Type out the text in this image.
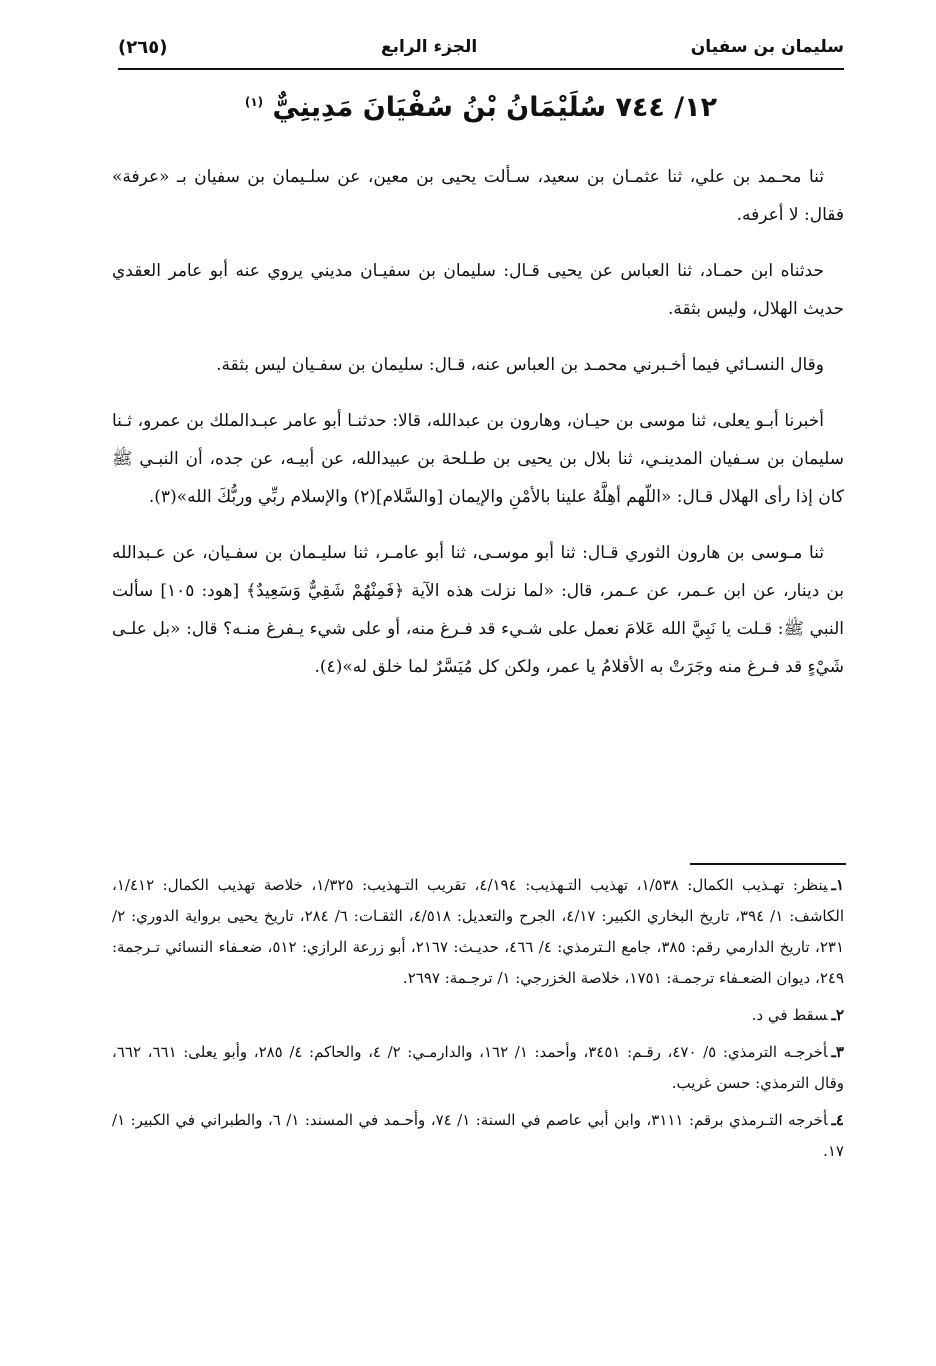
سليمان بن سفيان
الجزء الرابع
(٢٦٥)
١٢/ ٧٤٤ سُلَيْمَانُ بْنُ سُفْيَانَ مَدِينِيٌّ $^{(١)}$

ثنا محـمد بن علي، ثنا عثمـان بن سعيد، سـألت يحيى بن معين، عن سلـيمان بن سفيان بـ «عرفة» فقال: لا أعرفه.

حدثناه ابن حمـاد، ثنا العباس عن يحيى قـال: سليمان بن سفيـان مديني يروي عنه أبو عامر العقدي حديث الهلال، وليس بثقة.

وقال النسـائي فيما أخـبرني محمـد بن العباس عنه، قـال: سليمان بن سفـيان ليس بثقة.

أخبرنا أبـو يعلى، ثنا موسى بن حيـان، وهارون بن عبدالله، قالا: حدثنـا أبو عامر عبـدالملك بن عمرو، ثـنا سليمان بن سـفيان المدينـي، ثنا بلال بن يحيى بن طـلحة بن عبيدالله، عن أبيـه، عن جده، أن النبـي ﷺ كان إذا رأى الهلال قـال: «اللّهم أهِلَّهُ علينا بالأمْنِ والإيمان [والسَّلام](٢) والإسلام ربِّي وربُّكَ الله»(٣).

ثنا مـوسى بن هارون الثوري قـال: ثنا أبو موسـى، ثنا أبو عامـر، ثنا سليـمان بن سفـيان، عن عـبدالله بن دينار، عن ابن عـمر، عن عـمر، قال: «لما نزلت هذه الآية ﴿فَمِنْهُمْ شَقِيٌّ وَسَعِيدٌ﴾ [هود: ١٠٥] سألت النبي ﷺ: قـلت يا نَبِيَّ الله عَلامَ نعمل على شـيء قد فـرغ منه، أو على شيء يـفرغ منـه؟ قال: «بل علـى شَيْءٍ قد فـرغ منه وجَرَتْ به الأقلامُ يا عمر، ولكن كل مُيَسَّرٌ لما خلق له»(٤).

١ـينظر: تهـذيب الكمال: ١/٥٣٨، تهذيب التـهذيب: ٤/١٩٤، تقريب التـهذيب: ١/٣٢٥، خلاصة تهذيب الكمال: ١/٤١٢، الكاشف: ١/ ٣٩٤، تاريخ البخاري الكبير: ٤/١٧، الجرح والتعديل: ٤/٥١٨، الثقـات: ٦/ ٢٨٤، تاريخ يحيى برواية الدوري: ٢/ ٢٣١، تاريخ الدارمي رقم: ٣٨٥، جامع الـترمذي: ٤/ ٤٦٦، حديـث: ٢١٦٧، أبو زرعة الرازي: ٥١٢، ضعـفاء النسائي تـرجمة: ٢٤٩، ديوان الضعـفاء ترجمـة: ١٧٥١، خلاصة الخزرجي: ١/ ترجـمة: ٢٦٩٧.
٢ـسقط في د.
٣ـأخرجـه الترمذي: ٥/ ٤٧٠، رقـم: ٣٤٥١، وأحمد: ١/ ١٦٢، والدارمـي: ٢/ ٤، والحاكم: ٤/ ٢٨٥، وأبو يعلى: ٦٦١، ٦٦٢، وقال الترمذي: حسن غريب.
٤ـأخرجه التـرمذي برقم: ٣١١١، وابن أبي عاصم في السنة: ١/ ٧٤، وأحـمد في المسند: ١/ ٦، والطبراني في الكبير: ١/ ١٧.
